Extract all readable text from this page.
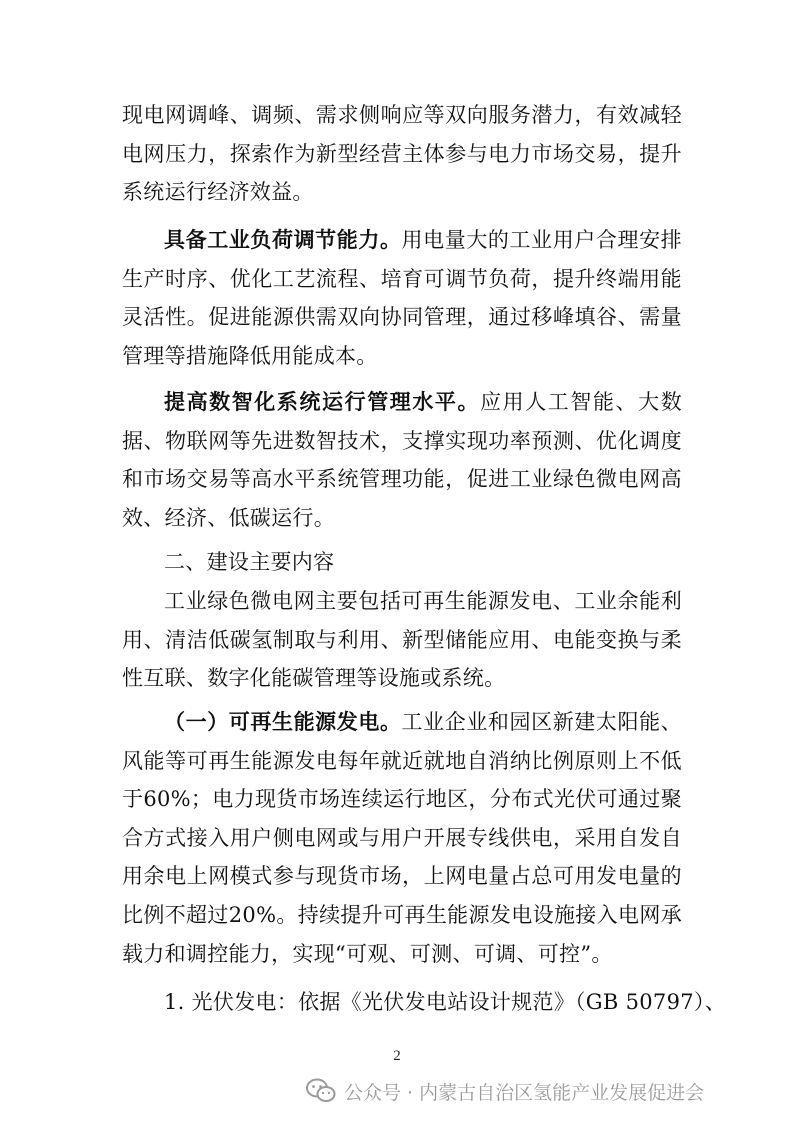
现电网调峰、调频、需求侧响应等双向服务潜力，有效减轻电网压力，探索作为新型经营主体参与电力市场交易，提升系统运行经济效益。

具备工业负荷调节能力。用电量大的工业用户合理安排生产时序、优化工艺流程、培育可调节负荷，提升终端用能灵活性。促进能源供需双向协同管理，通过移峰填谷、需量管理等措施降低用能成本。

提高数智化系统运行管理水平。应用人工智能、大数据、物联网等先进数智技术，支撑实现功率预测、优化调度和市场交易等高水平系统管理功能，促进工业绿色微电网高效、经济、低碳运行。

二、建设主要内容

工业绿色微电网主要包括可再生能源发电、工业余能利用、清洁低碳氢制取与利用、新型储能应用、电能变换与柔性互联、数字化能碳管理等设施或系统。

（一）可再生能源发电。工业企业和园区新建太阳能、风能等可再生能源发电每年就近就地自消纳比例原则上不低于60%；电力现货市场连续运行地区，分布式光伏可通过聚合方式接入用户侧电网或与用户开展专线供电，采用自发自用余电上网模式参与现货市场，上网电量占总可用发电量的比例不超过20%。持续提升可再生能源发电设施接入电网承载力和调控能力，实现“可观、可测、可调、可控”。

1. 光伏发电：依据《光伏发电站设计规范》（GB 50797）、
2
公众号 · 内蒙古自治区氢能产业发展促进会
